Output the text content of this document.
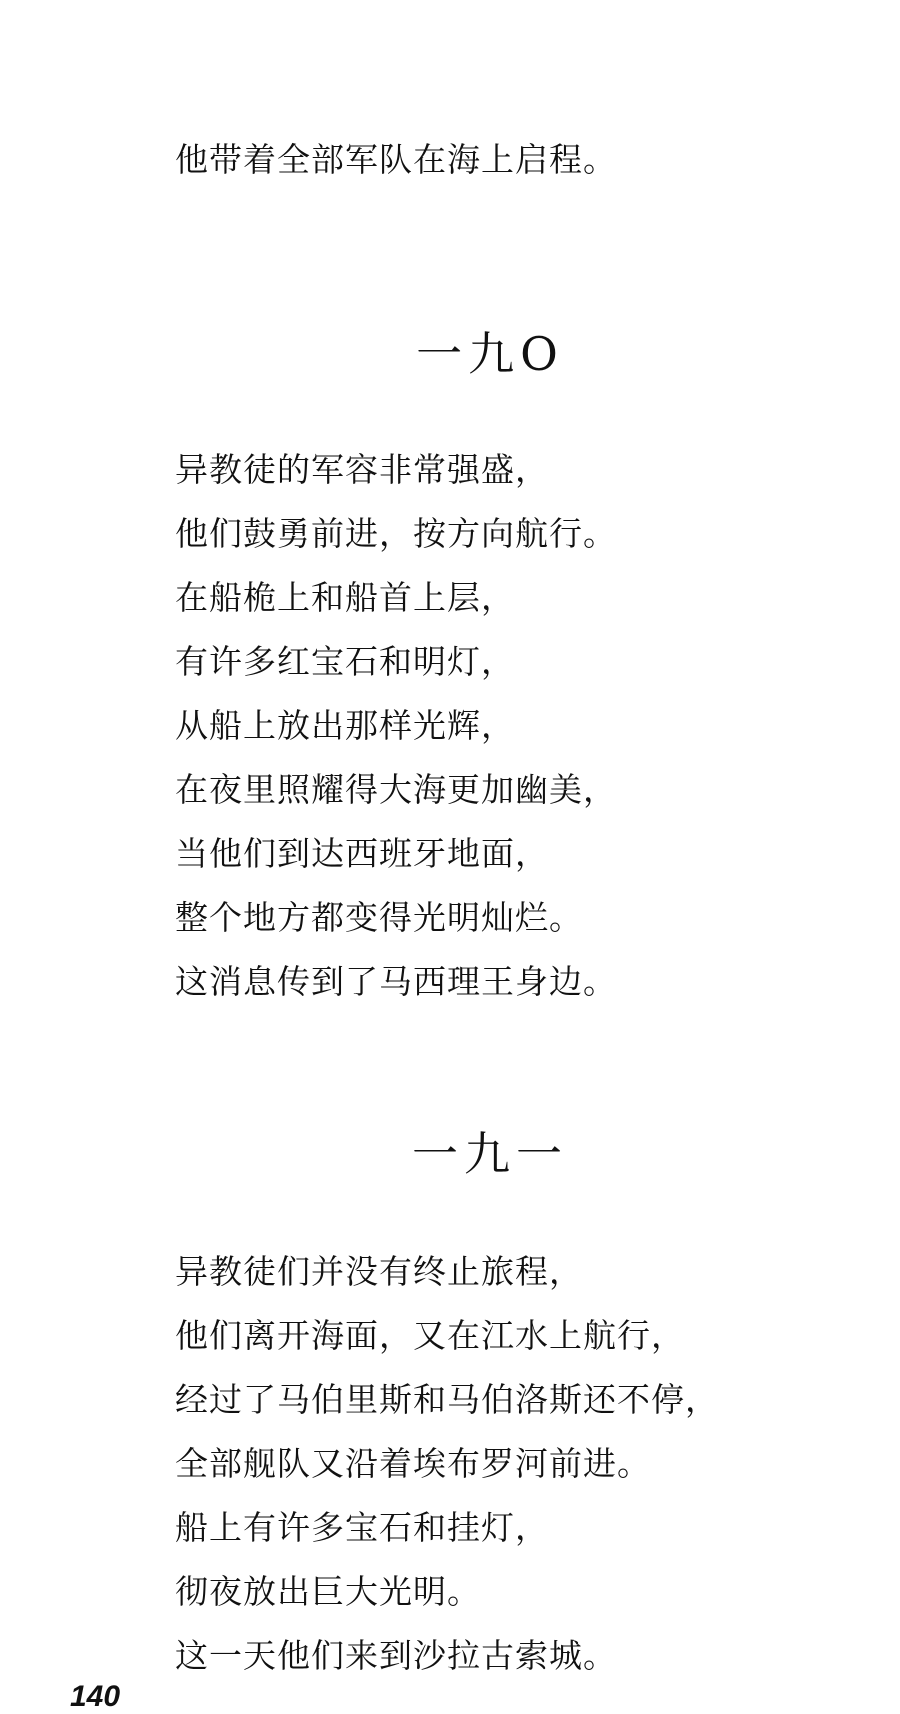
他带着全部军队在海上启程。
一九O
异教徒的军容非常强盛，
他们鼓勇前进，按方向航行。
在船桅上和船首上层，
有许多红宝石和明灯，
从船上放出那样光辉，
在夜里照耀得大海更加幽美，
当他们到达西班牙地面，
整个地方都变得光明灿烂。
这消息传到了马西理王身边。
一九一
异教徒们并没有终止旅程，
他们离开海面，又在江水上航行，
经过了马伯里斯和马伯洛斯还不停，
全部舰队又沿着埃布罗河前进。
船上有许多宝石和挂灯，
彻夜放出巨大光明。
这一天他们来到沙拉古索城。
140
